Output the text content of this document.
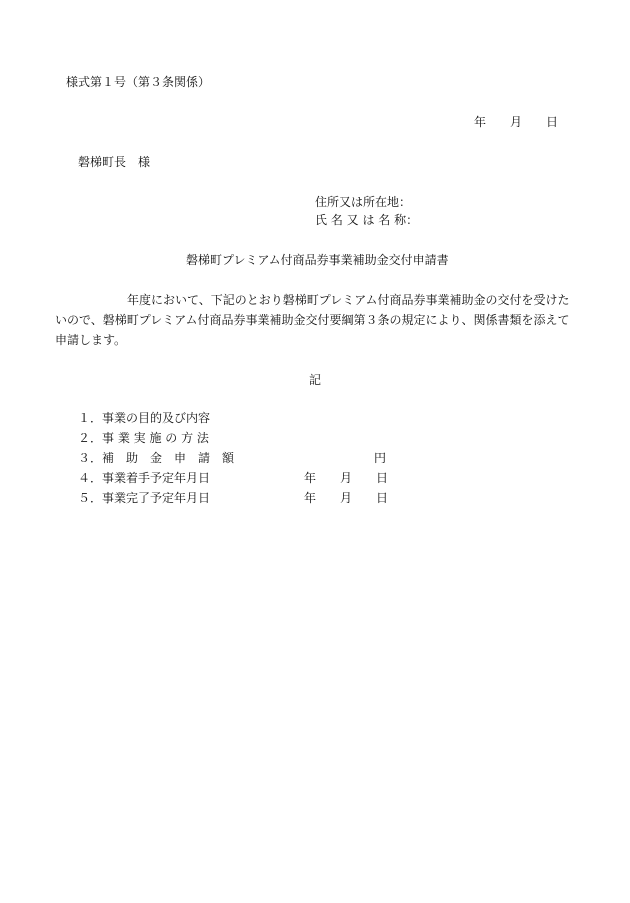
様式第１号（第３条関係）
年　　月　　日
磐梯町長　様
住所又は所在地：
氏 名 又 は 名 称：
磐梯町プレミアム付商品券事業補助金交付申請書
年度において、下記のとおり磐梯町プレミアム付商品券事業補助金の交付を受けたいので、磐梯町プレミアム付商品券事業補助金交付要綱第３条の規定により、関係書類を添えて申請します。
記
１． 事業の目的及び内容
２． 事 業 実 施 の 方 法
３． 補　助　金　申　請　額	円
４． 事業着手予定年月日	年　　月　　日
５． 事業完了予定年月日	年　　月　　日
